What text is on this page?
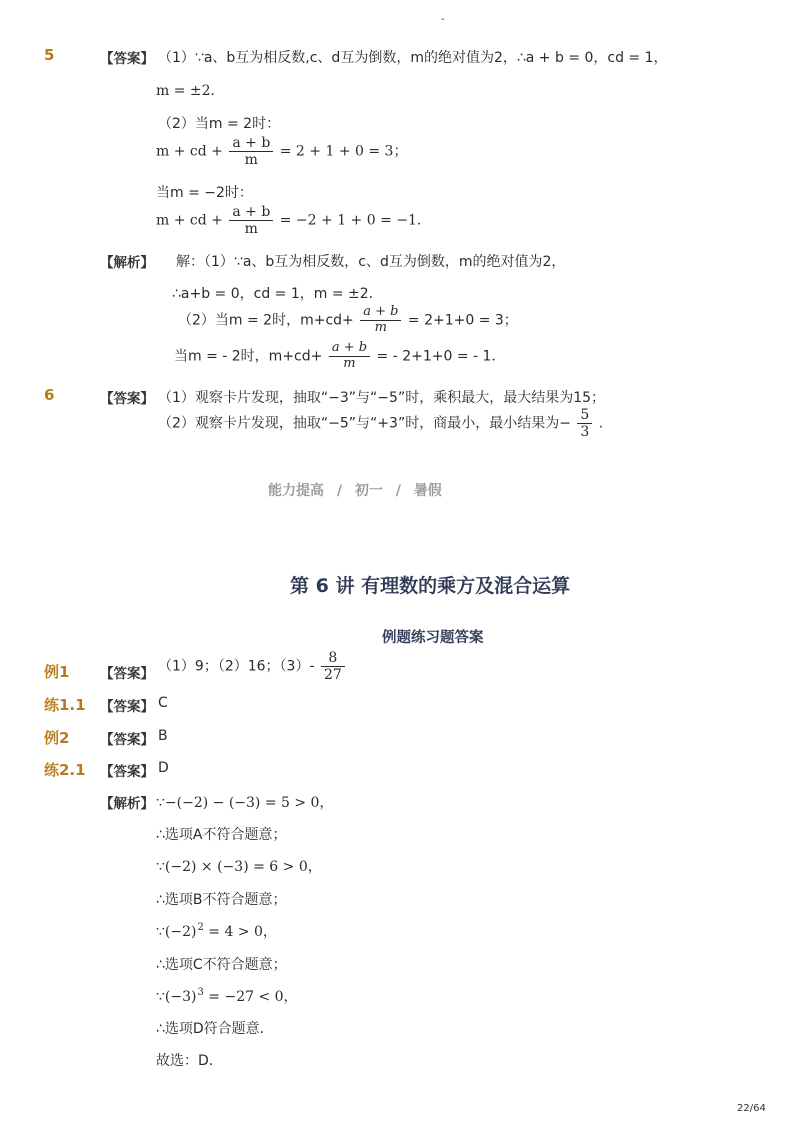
-
5	【答案】 （1）∵a、b互为相反数,c、d互为倒数，m的绝对值为2，∴a + b = 0，cd = 1，
m = ±2．
（2）当m = 2时：
m + cd + $\frac{a + b}{m} = 2 + 1 + 0 = 3$；
当m = −2时：
m + cd + $\frac{a + b}{m} = -2 + 1 + 0 = -1$．
【解析】 解：（1）∵a、b互为相反数，c、d互为倒数，m的绝对值为2，
∴a+b = 0，cd = 1，m = ±2．
（2）当m = 2时，$m+cd+ \frac{a + b}{m} = 2+1+0 = 3$；
当m = - 2时，$m+cd+ \frac{a + b}{m}$ = - 2+1+0 = - 1．
6	【答案】 （1）观察卡片发现，抽取“−3”与“−5”时，乘积最大，最大结果为15；
（2）观察卡片发现，抽取“−5”与“+3”时，商最小，最小结果为− $\frac{5}{3}$ .
能力提高 / 初一 / 暑假
第 6 讲 有理数的乘方及混合运算
例题练习题答案
例1 【答案】 （1）9；（2）16；$(3)- \frac{8}{27}$
练1.1 【答案】 C
例2 【答案】 B
练2.1 【答案】 D
【解析】 ∵−(−2) − (−3) = 5 > 0，
∴选项A不符合题意；
∵(−2) × (−3) = 6 > 0，
∴选项B不符合题意；
$\because(-2)^2 = 4 > 0$，
∴选项C不符合题意；
$\because(-3)^3 = -27 < 0$，
∴选项D符合题意．
故选：D．
22/64
